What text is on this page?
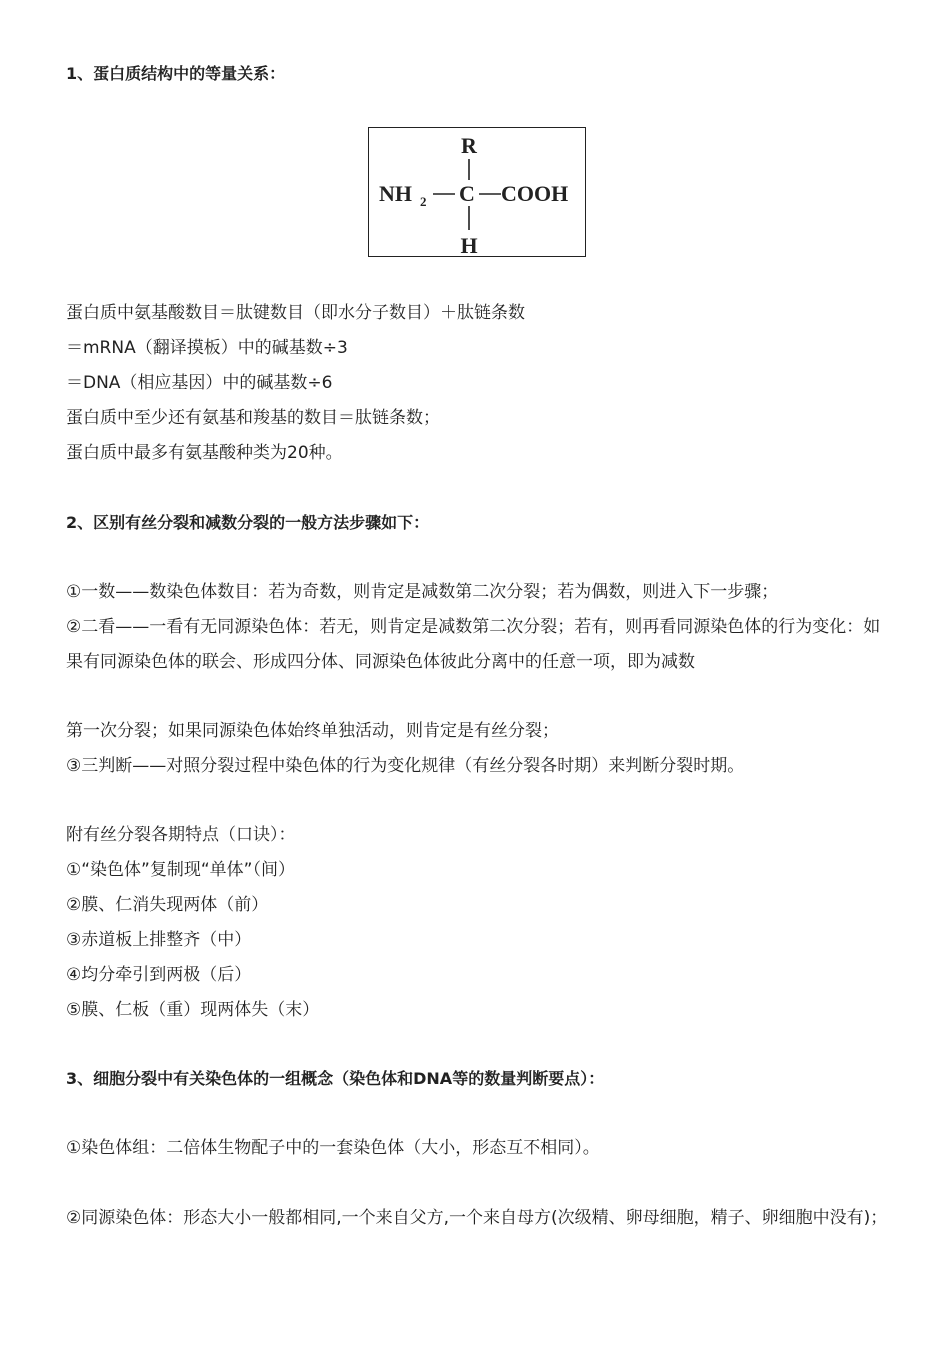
1、蛋白质结构中的等量关系：
R
NH 2 C COOH
H
蛋白质中氨基酸数目＝肽键数目（即水分子数目）＋肽链条数
＝mRNA（翻译摸板）中的碱基数÷3
＝DNA（相应基因）中的碱基数÷6
蛋白质中至少还有氨基和羧基的数目＝肽链条数；
蛋白质中最多有氨基酸种类为20种。
2、区别有丝分裂和减数分裂的一般方法步骤如下：
①一数——数染色体数目：若为奇数，则肯定是减数第二次分裂；若为偶数，则进入下一步骤；
②二看——一看有无同源染色体：若无，则肯定是减数第二次分裂；若有，则再看同源染色体的行为变化：如果有同源染色体的联会、形成四分体、同源染色体彼此分离中的任意一项，即为减数
第一次分裂；如果同源染色体始终单独活动，则肯定是有丝分裂；
③三判断——对照分裂过程中染色体的行为变化规律（有丝分裂各时期）来判断分裂时期。
附有丝分裂各期特点（口诀）：
①“染色体”复制现“单体”（间）
②膜、仁消失现两体（前）
③赤道板上排整齐（中）
④均分牵引到两极（后）
⑤膜、仁板（重）现两体失（末）
3、细胞分裂中有关染色体的一组概念（染色体和DNA等的数量判断要点）：
①染色体组：二倍体生物配子中的一套染色体（大小，形态互不相同）。
②同源染色体：形态大小一般都相同,一个来自父方,一个来自母方(次级精、卵母细胞，精子、卵细胞中没有)；
